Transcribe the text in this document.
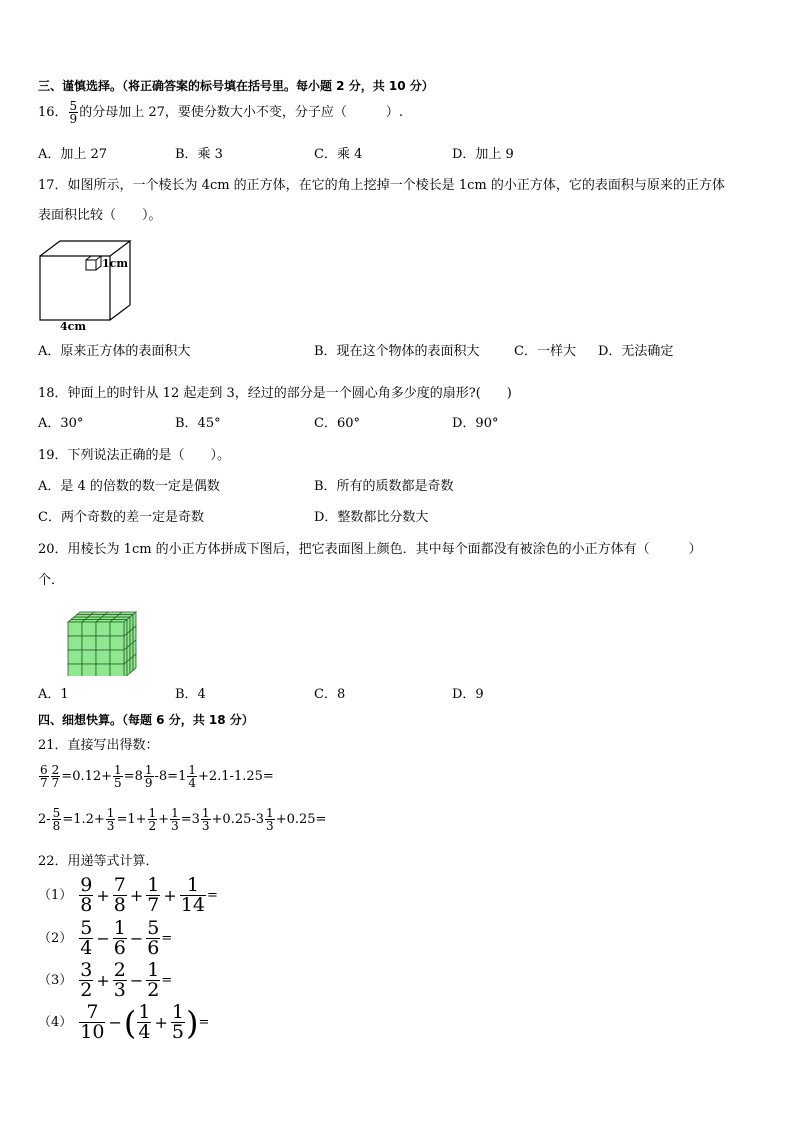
三、谨慎选择。（将正确答案的标号填在括号里。每小题 2 分，共 10 分）
16． $\frac{5}{9}$ 的分母加上 27，要使分数大小不变，分子应（　　　）.
A．加上 27	B．乘 3	C．乘 4	D．加上 9
17．如图所示，一个棱长为 4cm 的正方体，在它的角上挖掉一个棱长是 1cm 的小正方体，它的表面积与原来的正方体
表面积比较（　　）。
1cm
4cm
A．原来正方体的表面积大	B．现在这个物体的表面积大	C．一样大 D．无法确定
18．钟面上的时针从 12 起走到 3，经过的部分是一个圆心角多少度的扇形?(　　)
A．30°	B．45°	C．60°	D．90°
19．下列说法正确的是（　　）。
A．是 4 的倍数的数一定是偶数	B．所有的质数都是奇数
C．两个奇数的差一定是奇数	D．整数都比分数大
20．用棱长为 1cm 的小正方体拼成下图后，把它表面图上颜色．其中每个面都没有被涂色的小正方体有（　　　）
个．
A．1	B．4	C．8	D．9
四、细想快算。（每题 6 分，共 18 分）
21．直接写出得数：
$\frac{6}{7} \frac{2}{7} =0.12+ \frac{1}{5} =8 \frac{1}{9} -8=1 \frac{1}{4} +2.1-1.25=$
$2- \frac{5}{8} =1.2+ \frac{1}{3} =1+ \frac{1}{2} + \frac{1}{3} =3 \frac{1}{3} +0.25-3 \frac{1}{3} +0.25=$
22．用递等式计算．
$(1) \frac{9}{8} + \frac{7}{8} + \frac{1}{7} + \frac{1}{14}$ =
$(2) \frac{5}{4} - \frac{1}{6} - \frac{5}{6}$ =
$(3) \frac{3}{2} + \frac{2}{3} - \frac{1}{2}$ =
$(4) \frac{7}{10}$ −( $\frac{1}{4} + \frac{1}{5}$ )=
